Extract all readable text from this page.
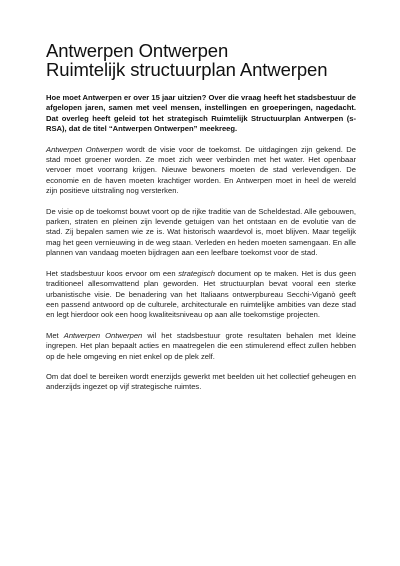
Antwerpen Ontwerpen
Ruimtelijk structuurplan Antwerpen

Hoe moet Antwerpen er over 15 jaar uitzien? Over die vraag heeft het stadsbestuur de afgelopen jaren, samen met veel mensen, instellingen en groeperingen, nagedacht. Dat overleg heeft geleid tot het strategisch Ruimtelijk Structuurplan Antwerpen (s-RSA), dat de titel “Antwerpen Ontwerpen” meekreeg.

Antwerpen Ontwerpen wordt de visie voor de toekomst. De uitdagingen zijn gekend. De stad moet groener worden. Ze moet zich weer verbinden met het water. Het openbaar vervoer moet voorrang krijgen. Nieuwe bewoners moeten de stad verlevendigen. De economie en de haven moeten krachtiger worden. En Antwerpen moet in heel de wereld zijn positieve uitstraling nog versterken.

De visie op de toekomst bouwt voort op de rijke traditie van de Scheldestad. Alle gebouwen, parken, straten en pleinen zijn levende getuigen van het ontstaan en de evolutie van de stad. Zij bepalen samen wie ze is. Wat historisch waardevol is, moet blijven. Maar tegelijk mag het geen vernieuwing in de weg staan. Verleden en heden moeten samengaan. En alle plannen van vandaag moeten bijdragen aan een leefbare toekomst voor de stad.

Het stadsbestuur koos ervoor om een strategisch document op te maken. Het is dus geen traditioneel allesomvattend plan geworden. Het structuurplan bevat vooral een sterke urbanistische visie. De benadering van het Italiaans ontwerpbureau Secchi-Viganò geeft een passend antwoord op de culturele, architecturale en ruimtelijke ambities van deze stad en legt hierdoor ook een hoog kwaliteitsniveau op aan alle toekomstige projecten.

Met Antwerpen Ontwerpen wil het stadsbestuur grote resultaten behalen met kleine ingrepen. Het plan bepaalt acties en maatregelen die een stimulerend effect zullen hebben op de hele omgeving en niet enkel op de plek zelf.

Om dat doel te bereiken wordt enerzijds gewerkt met beelden uit het collectief geheugen en anderzijds ingezet op vijf strategische ruimtes.
